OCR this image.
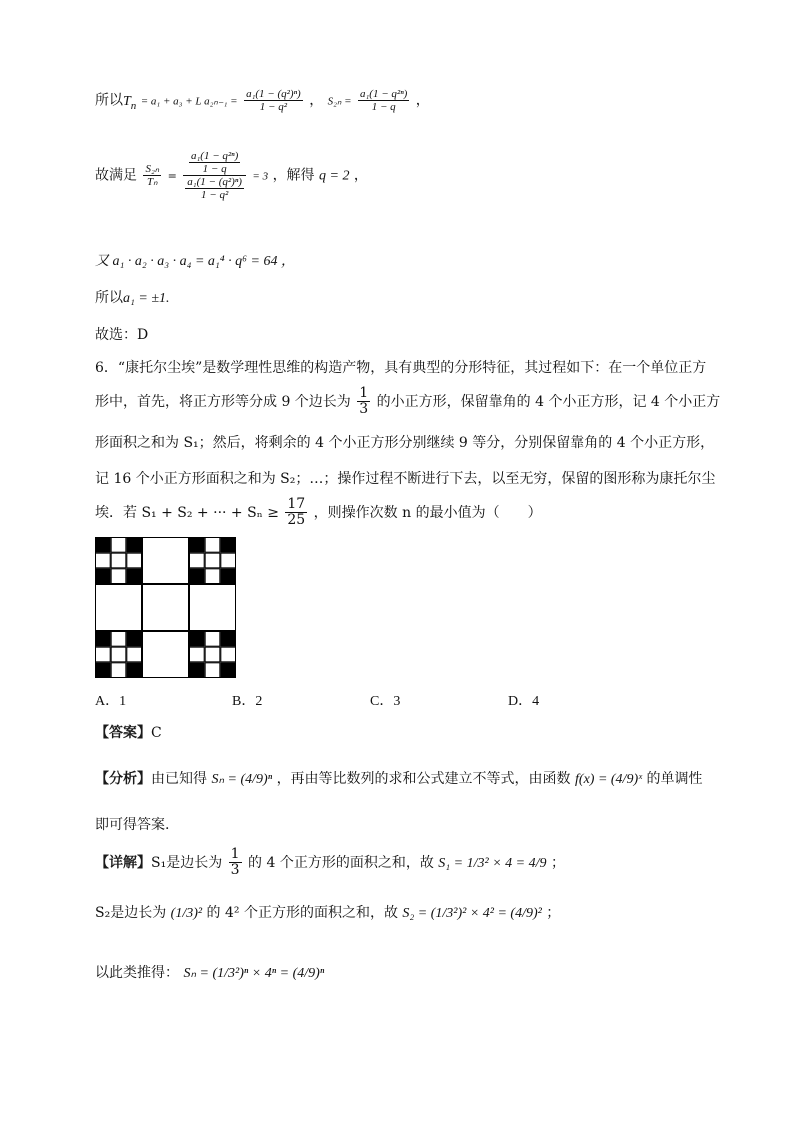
所以$T_n = a_1 + a_3 + L$ $a_{2n-1} = \frac{\text{a₁(1 − (q²)ⁿ)}}{\text{1 − q²}}$ ， $S_{2n} = \frac{\text{a₁(1 − q²ⁿ)}}{1 - q}$ ，
故满足 $\frac{\text{S₂ₙ}}{\text{Tₙ}} = \frac{\frac{\text{a₁(1 − q²ⁿ)}}{1 - q}}{\frac{\text{a₁(1 − (q²)ⁿ)}}{\text{1 − q²}}} = 3$ ，解得 q = 2 ，
又 a₁ · a₂ · a₃ · a₄ = a₁⁴ · q⁶ = 64 ，
所以a₁ = ±1.
故选：D
6．“康托尔尘埃”是数学理性思维的构造产物，具有典型的分形特征，其过程如下：在一个单位正方
形中，首先，将正方形等分成 9 个边长为 $\frac{1}{3}$ 的小正方形，保留靠角的 4 个小正方形，记 4 个小正方
形面积之和为 S₁；然后，将剩余的 4 个小正方形分别继续 9 等分，分别保留靠角的 4 个小正方形，
记 16 个小正方形面积之和为 S₂；…；操作过程不断进行下去，以至无穷，保留的图形称为康托尔尘
埃．若 S₁ + S₂ + ··· + $S_n \ge \frac{17}{25}$ ，则操作次数 n 的最小值为（　　）
A．1	B．2	C．3	D．4
【答案】C
【分析】由已知得 Sₙ = (4/9)ⁿ ，再由等比数列的求和公式建立不等式，由函数 f(x) = (4/9)ˣ 的单调性
即可得答案.
【详解】S₁是边长为 $\frac{1}{3}$ 的 4 个正方形的面积之和，故 S₁ = 1/3² × 4 = 4/9 ；
S₂是边长为 (1/3)² 的 4² 个正方形的面积之和，故 S₂ = (1/3²)² × 4² = (4/9)² ；
以此类推得： Sₙ = (1/3²)ⁿ × 4ⁿ = (4/9)ⁿ
